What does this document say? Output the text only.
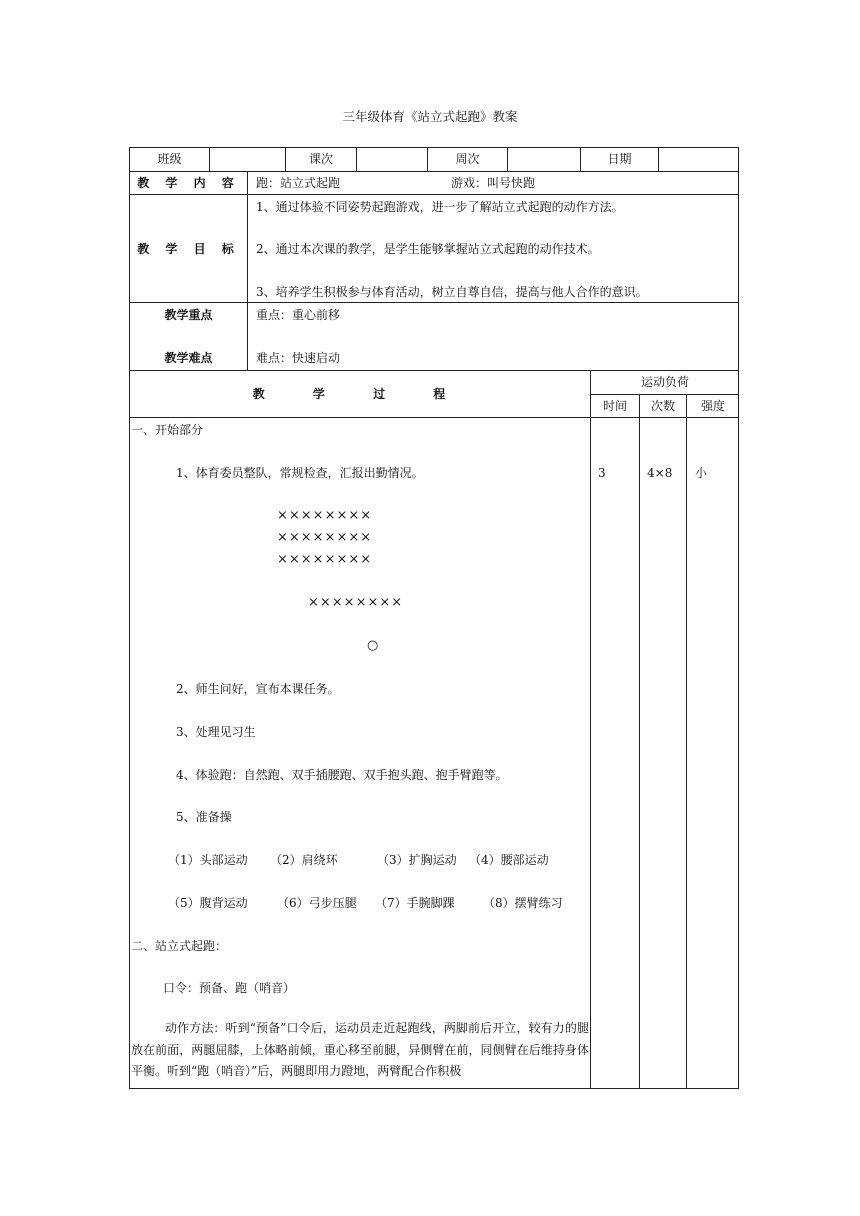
三年级体育《站立式起跑》教案
班级	课次	周次	日期
教 学 内 容	跑：站立式起跑	游戏：叫号快跑
教 学 目 标
1、通过体验不同姿势起跑游戏，进一步了解站立式起跑的动作方法。
2、通过本次课的教学，是学生能够掌握站立式起跑的动作技术。
3、培养学生积极参与体育活动，树立自尊自信，提高与他人合作的意识。
教学重点	重点：重心前移
教学难点	难点：快速启动
教 学 过 程
运动负荷
时间	次数	强度
一、开始部分
1、体育委员整队，常规检查，汇报出勤情况。
××××××××
××××××××
××××××××
××××××××
○
2、师生问好，宣布本课任务。
3、处理见习生
4、体验跑：自然跑、双手插腰跑、双手抱头跑、抱手臂跑等。
5、准备操
（1）头部运动 （2）肩绕环	（3）扩胸运动 （4）腰部运动
（5）腹背运动 （6）弓步压腿 （7）手腕脚踝 （8）摆臂练习
二、站立式起跑：
口令：预备、跑（哨音）
动作方法：听到“预备”口令后，运动员走近起跑线，两脚前后开立，较有力的腿放在前面，两腿屈膝，上体略前倾，重心移至前腿，异侧臂在前，同侧臂在后维持身体平衡。听到“跑（哨音）”后，两腿即用力蹬地，两臂配合作积极
3	4×8 小
